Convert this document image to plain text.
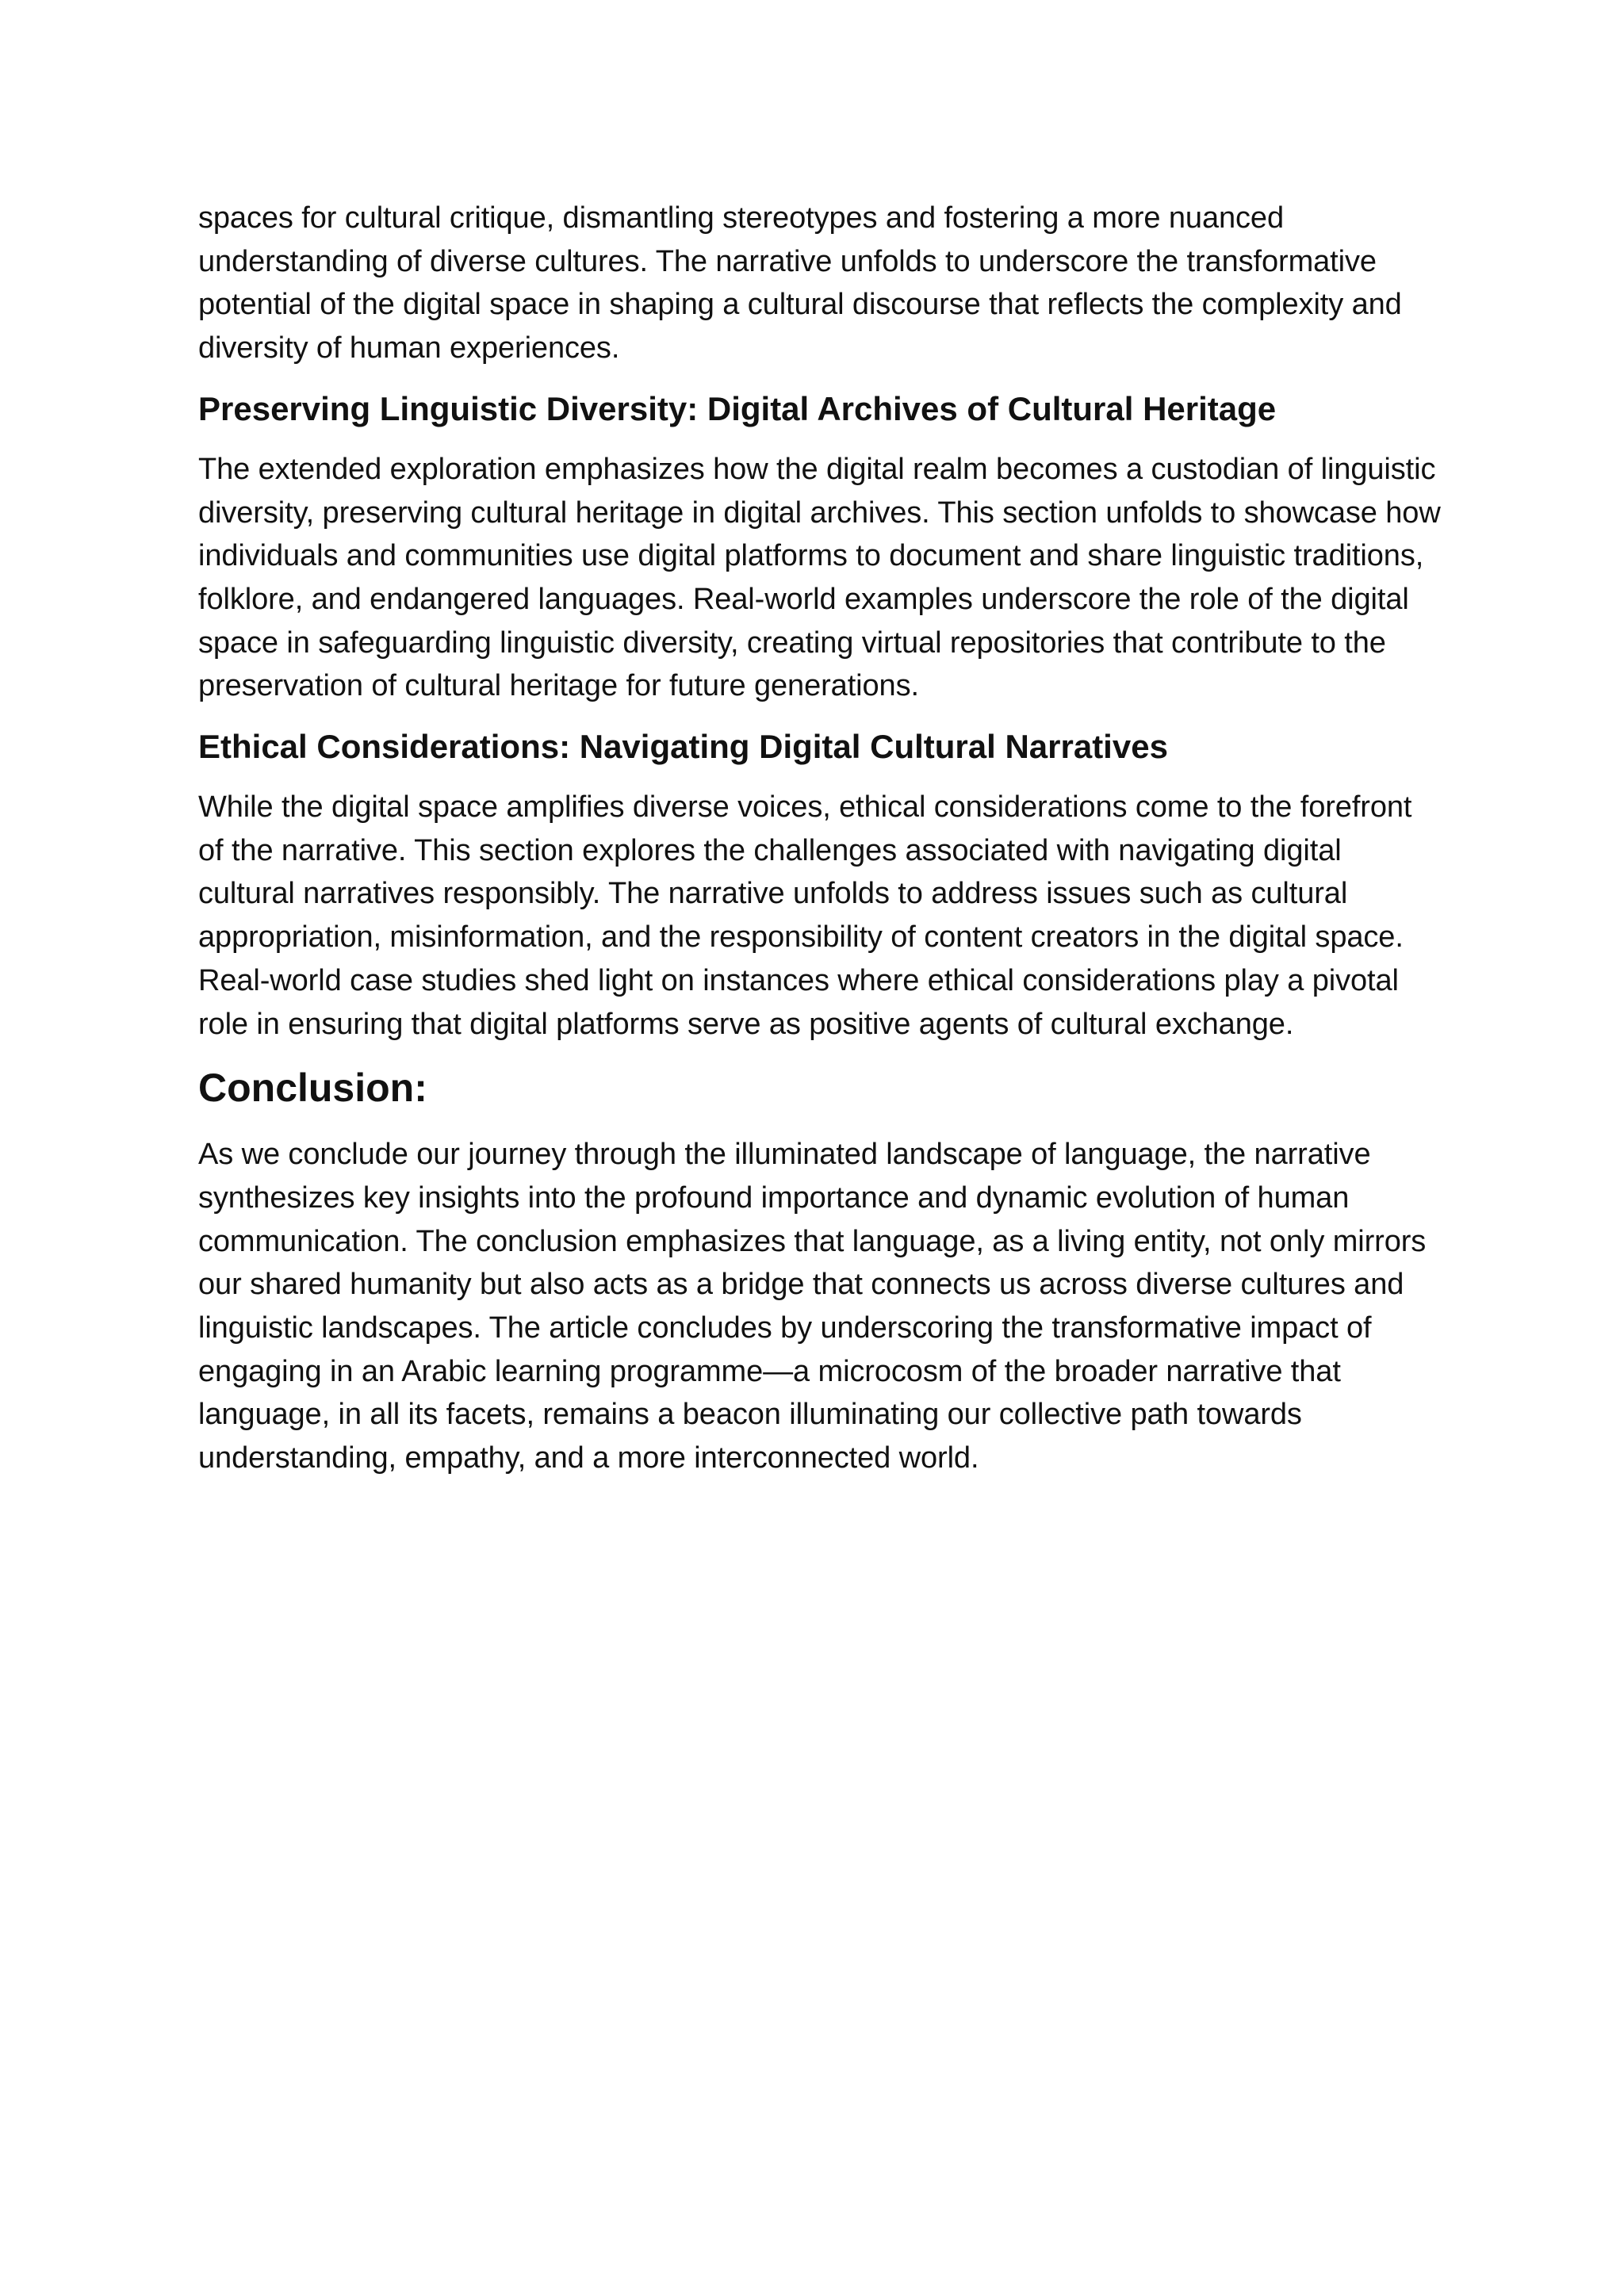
spaces for cultural critique, dismantling stereotypes and fostering a more nuanced understanding of diverse cultures. The narrative unfolds to underscore the transformative potential of the digital space in shaping a cultural discourse that reflects the complexity and diversity of human experiences.

Preserving Linguistic Diversity: Digital Archives of Cultural Heritage

The extended exploration emphasizes how the digital realm becomes a custodian of linguistic diversity, preserving cultural heritage in digital archives. This section unfolds to showcase how individuals and communities use digital platforms to document and share linguistic traditions, folklore, and endangered languages. Real-world examples underscore the role of the digital space in safeguarding linguistic diversity, creating virtual repositories that contribute to the preservation of cultural heritage for future generations.

Ethical Considerations: Navigating Digital Cultural Narratives

While the digital space amplifies diverse voices, ethical considerations come to the forefront of the narrative. This section explores the challenges associated with navigating digital cultural narratives responsibly. The narrative unfolds to address issues such as cultural appropriation, misinformation, and the responsibility of content creators in the digital space. Real-world case studies shed light on instances where ethical considerations play a pivotal role in ensuring that digital platforms serve as positive agents of cultural exchange.

Conclusion:

As we conclude our journey through the illuminated landscape of language, the narrative synthesizes key insights into the profound importance and dynamic evolution of human communication. The conclusion emphasizes that language, as a living entity, not only mirrors our shared humanity but also acts as a bridge that connects us across diverse cultures and linguistic landscapes. The article concludes by underscoring the transformative impact of engaging in an Arabic learning programme—a microcosm of the broader narrative that language, in all its facets, remains a beacon illuminating our collective path towards understanding, empathy, and a more interconnected world.
